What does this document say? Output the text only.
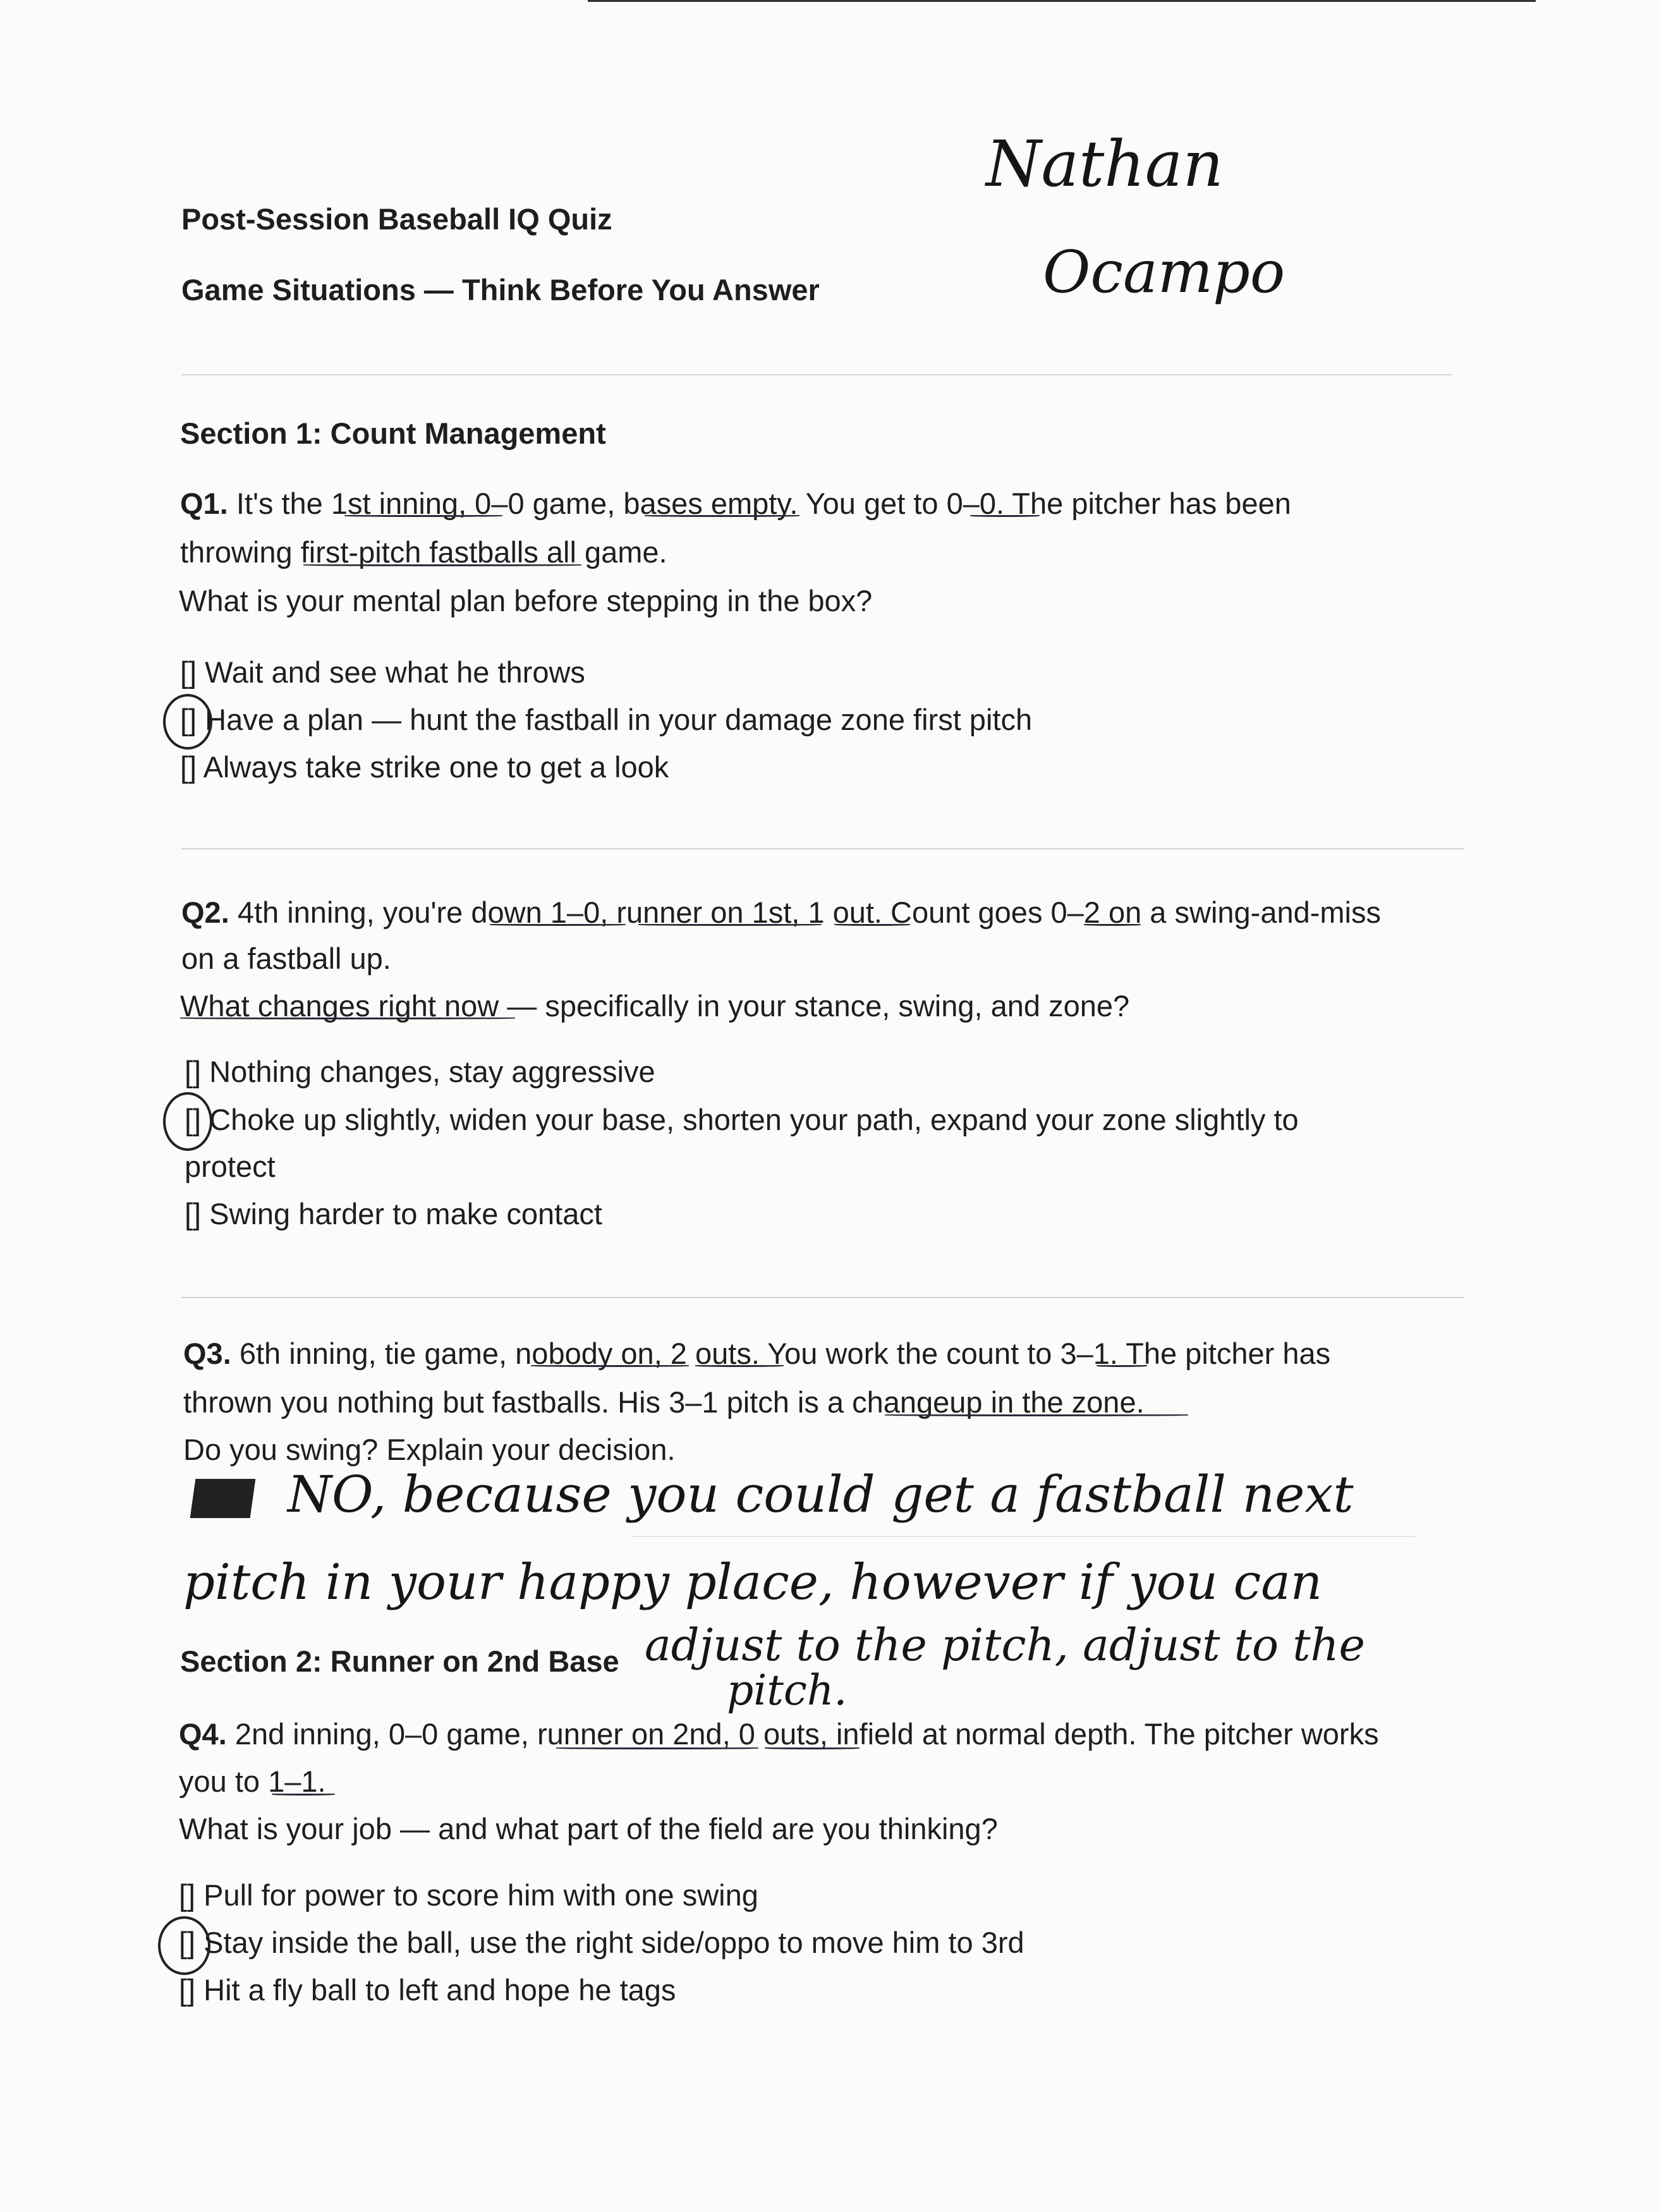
Post-Session Baseball IQ Quiz
Game Situations — Think Before You Answer
Nathan
Ocampo
Section 1: Count Management
Q1. It's the 1st inning, 0–0 game, bases empty. You get to 0–0. The pitcher has been
throwing first-pitch fastballs all game.
What is your mental plan before stepping in the box?
[] Wait and see what he throws
[] Have a plan — hunt the fastball in your damage zone first pitch
[] Always take strike one to get a look
Q2. 4th inning, you're down 1–0, runner on 1st, 1 out. Count goes 0–2 on a swing-and-miss
on a fastball up.
What changes right now — specifically in your stance, swing, and zone?
[] Nothing changes, stay aggressive
[] Choke up slightly, widen your base, shorten your path, expand your zone slightly to
protect
[] Swing harder to make contact
Q3. 6th inning, tie game, nobody on, 2 outs. You work the count to 3–1. The pitcher has
thrown you nothing but fastballs. His 3–1 pitch is a changeup in the zone.
Do you swing? Explain your decision.
NO, because you could get a fastball next
pitch in your happy place, however if you can
adjust to the pitch, adjust to the
pitch.
Section 2: Runner on 2nd Base
Q4. 2nd inning, 0–0 game, runner on 2nd, 0 outs, infield at normal depth. The pitcher works
you to 1–1.
What is your job — and what part of the field are you thinking?
[] Pull for power to score him with one swing
[] Stay inside the ball, use the right side/oppo to move him to 3rd
[] Hit a fly ball to left and hope he tags
